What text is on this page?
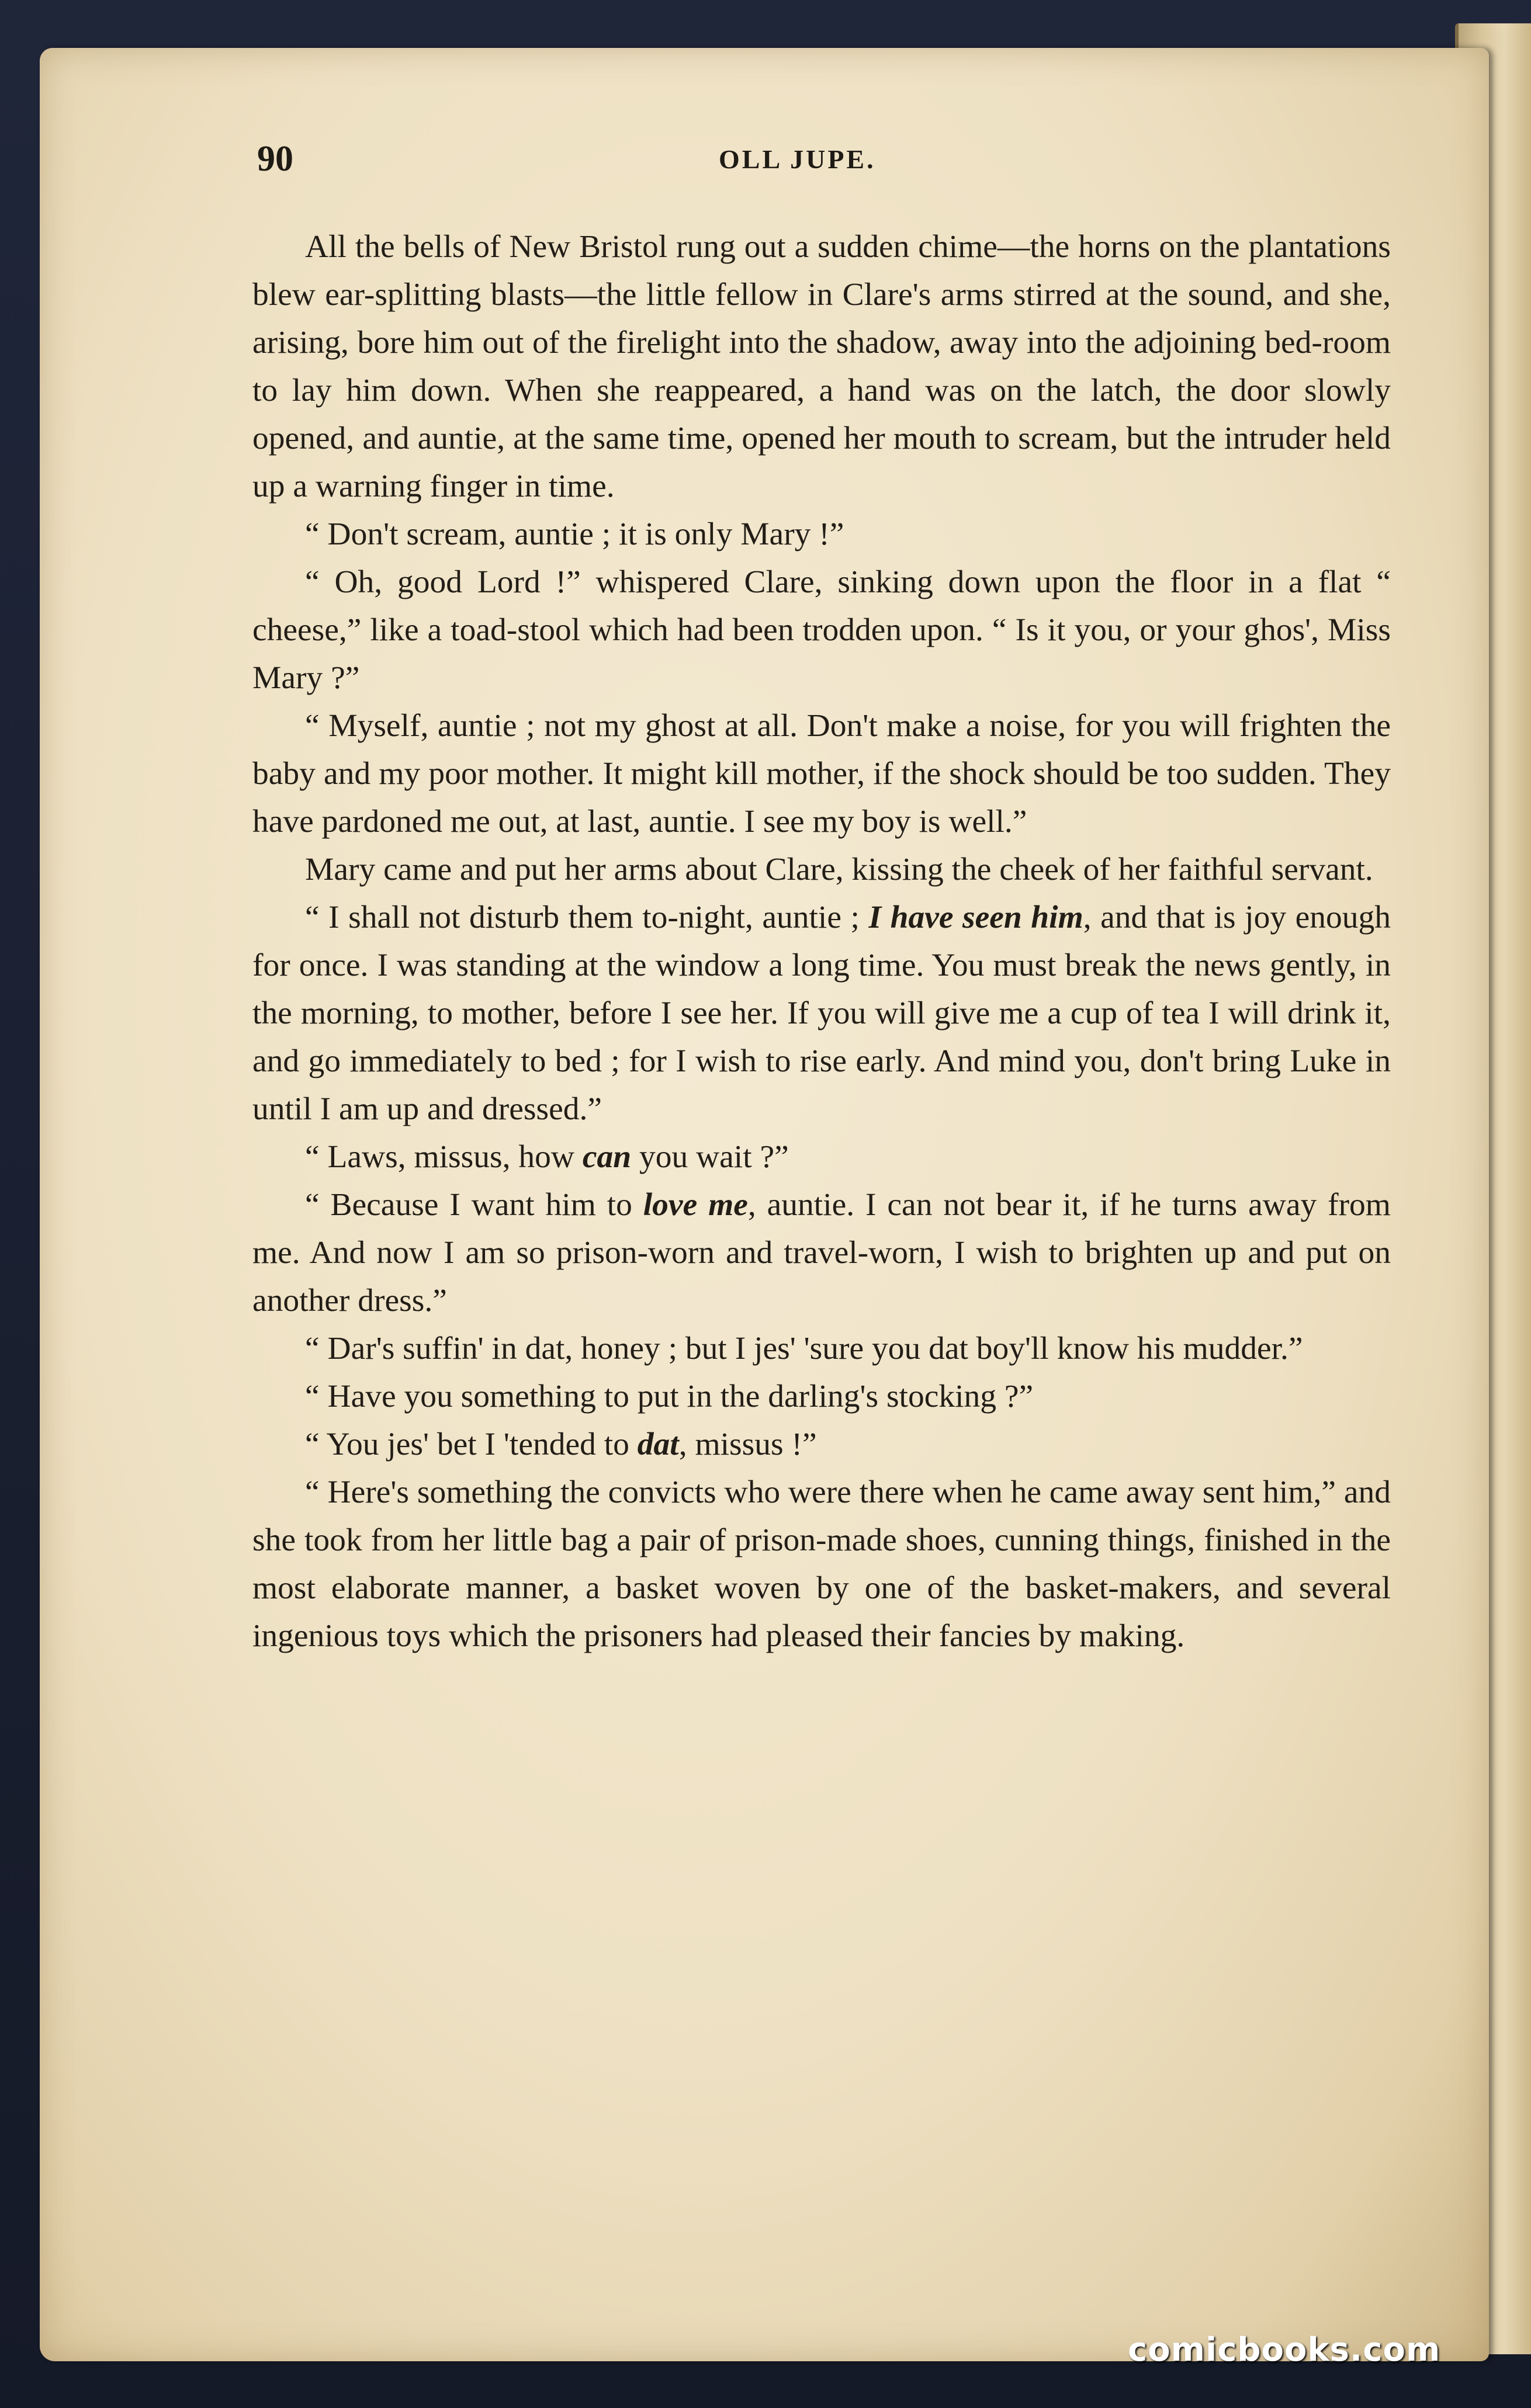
90	OLL JUPE.

All the bells of New Bristol rung out a sudden chime—the horns on the plantations blew ear-splitting blasts—the little fellow in Clare's arms stirred at the sound, and she, arising, bore him out of the firelight into the shadow, away into the adjoining bed-room to lay him down. When she reappeared, a hand was on the latch, the door slowly opened, and auntie, at the same time, opened her mouth to scream, but the intruder held up a warning finger in time.

“ Don't scream, auntie ; it is only Mary !”

“ Oh, good Lord !” whispered Clare, sinking down upon the floor in a flat “ cheese,” like a toad-stool which had been trodden upon. “ Is it you, or your ghos', Miss Mary ?”

“ Myself, auntie ; not my ghost at all. Don't make a noise, for you will frighten the baby and my poor mother. It might kill mother, if the shock should be too sudden. They have pardoned me out, at last, auntie. I see my boy is well.”

Mary came and put her arms about Clare, kissing the cheek of her faithful servant.

“ I shall not disturb them to-night, auntie ; I have seen him, and that is joy enough for once. I was standing at the window a long time. You must break the news gently, in the morning, to mother, before I see her. If you will give me a cup of tea I will drink it, and go immediately to bed ; for I wish to rise early. And mind you, don't bring Luke in until I am up and dressed.”

“ Laws, missus, how can you wait ?”

“ Because I want him to love me, auntie. I can not bear it, if he turns away from me. And now I am so prison-worn and travel-worn, I wish to brighten up and put on another dress.”

“ Dar's suffin' in dat, honey ; but I jes' 'sure you dat boy'll know his mudder.”

“ Have you something to put in the darling's stocking ?”

“ You jes' bet I 'tended to dat, missus !”

“ Here's something the convicts who were there when he came away sent him,” and she took from her little bag a pair of prison-made shoes, cunning things, finished in the most elaborate manner, a basket woven by one of the basket-makers, and several ingenious toys which the prisoners had pleased their fancies by making.

comicbooks.com
